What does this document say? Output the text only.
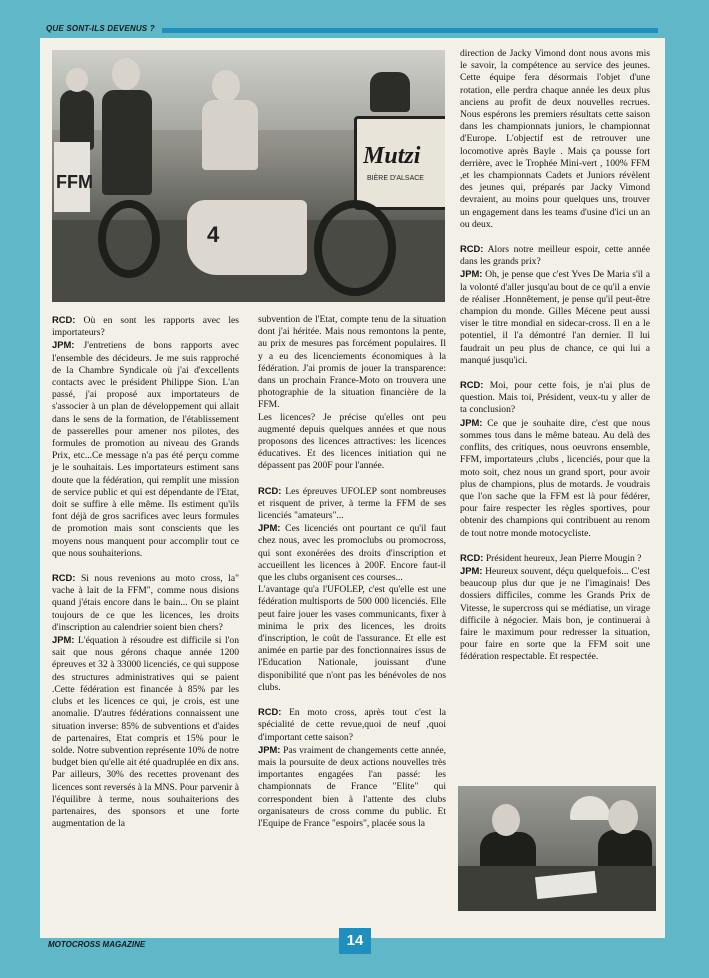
QUE SONT-ILS DEVENUS ?
FFM
Mutzi
BIÈRE D'ALSACE
4

RCD: Où en sont les rapports avec les importateurs?

JPM: J'entretiens de bons rapports avec l'ensemble des décideurs. Je me suis rapproché de la Chambre Syndicale où j'ai d'excellents contacts avec le président Philippe Sion. L'an passé, j'ai proposé aux importateurs de s'associer à un plan de développement qui allait dans le sens de la formation, de l'établissement de passerelles pour amener nos pilotes, des formules de promotion au niveau des Grands Prix, etc...Ce message n'a pas été perçu comme je le souhaitais. Les importateurs estiment sans doute que la fédération, qui remplit une mission de service public et qui est dépendante de l'Etat, doit se suffire à elle même. Ils estiment qu'ils font déjà de gros sacrifices avec leurs formules de promotion mais sont conscients que les moyens nous manquent pour accomplir tout ce que nous souhaiterions.

RCD: Si nous revenions au moto cross, la" vache à lait de la FFM", comme nous disions quand j'étais encore dans le bain... On se plaint toujours de ce que les licences, les droits d'inscription au calendrier soient bien chers?

JPM: L'équation à résoudre est difficile si l'on sait que nous gérons chaque année 1200 épreuves et 32 à 33000 licenciés, ce qui suppose des structures administratives qui se paient .Cette fédération est financée à 85% par les clubs et les licences ce qui, je crois, est une anomalie. D'autres fédérations connaissent une situation inverse: 85% de subventions et d'aides de partenaires, Etat compris et 15% pour le solde. Notre subvention représente 10% de notre budget bien qu'elle ait été quadruplée en dix ans. Par ailleurs, 30% des recettes provenant des licences sont reversés à la MNS. Pour parvenir à l'équilibre à terme, nous souhaiterions des partenaires, des sponsors et une forte augmentation de la

subvention de l'Etat, compte tenu de la situation dont j'ai héritée. Mais nous remontons la pente, au prix de mesures pas forcément populaires. Il y a eu des licenciements économiques à la fédération. J'ai promis de jouer la transparence: dans un prochain France-Moto on trouvera une photographie de la situation financière de la FFM.
Les licences? Je précise qu'elles ont peu augmenté depuis quelques années et que nous proposons des licences attractives: les licences éducatives. Et des licences initiation qui ne dépassent pas 200F pour l'année.

RCD: Les épreuves UFOLEP sont nombreuses et risquent de priver, à terme la FFM de ses licenciés "amateurs"...

JPM: Ces licenciés ont pourtant ce qu'il faut chez nous, avec les promoclubs ou promocross, qui sont exonérées des droits d'inscription et accueillent les licences à 200F. Encore faut-il que les clubs organisent ces courses...
L'avantage qu'a l'UFOLEP, c'est qu'elle est une fédération multisports de 500 000 licenciés. Elle peut faire jouer les vases communicants, fixer à minima le prix des licences, les droits d'inscription, le coût de l'assurance. Et elle est animée en partie par des fonctionnaires issus de l'Education Nationale, jouissant d'une disponibilité que n'ont pas les bénévoles de nos clubs.

RCD: En moto cross, après tout c'est la spécialité de cette revue,quoi de neuf ,quoi d'important cette saison?

JPM: Pas vraiment de changements cette année, mais la poursuite de deux actions nouvelles très importantes engagées l'an passé: les championnats de France "Elite" qui correspondent bien à l'attente des clubs organisateurs de cross comme du public. Et l'Equipe de France "espoirs", placée sous la

direction de Jacky Vimond dont nous avons mis le savoir, la compétence au service des jeunes. Cette équipe fera désormais l'objet d'une rotation, elle perdra chaque année les deux plus anciens au profit de deux nouvelles recrues. Nous espérons les premiers résultats cette saison dans les championnats juniors, le championnat d'Europe. L'objectif est de retrouver une locomotive après Bayle . Mais ça pousse fort derrière, avec le Trophée Mini-vert , 100% FFM ,et les championnats Cadets et Juniors révèlent des jeunes qui, préparés par Jacky Vimond devraient, au moins pour quelques uns, trouver un engagement dans les teams d'usine d'ici un an ou deux.

RCD: Alors notre meilleur espoir, cette année dans les grands prix?

JPM: Oh, je pense que c'est Yves De Maria s'il a la volonté d'aller jusqu'au bout de ce qu'il a envie de réaliser .Honnêtement, je pense qu'il peut-être champion du monde. Gilles Mécene peut aussi viser le titre mondial en sidecar-cross. Il en a le potentiel, il l'a démontré l'an dernier. Il lui faudrait un peu plus de chance, ce qui lui a manqué jusqu'ici.

RCD: Moi, pour cette fois, je n'ai plus de question. Mais toi, Président, veux-tu y aller de ta conclusion?

JPM: Ce que je souhaite dire, c'est que nous sommes tous dans le même bateau. Au delà des conflits, des critiques, nous oeuvrons ensemble, FFM, importateurs ,clubs , licenciés, pour que la moto soit, chez nous un grand sport, pour avoir plus de champions, plus de motards. Je voudrais que l'on sache que la FFM est là pour fédérer, pour faire respecter les règles sportives, pour obtenir des champions qui contribuent au renom de tout notre monde motocycliste.

RCD: Président heureux, Jean Pierre Mougin ?

JPM: Heureux souvent, déçu quelquefois... C'est beaucoup plus dur que je ne l'imaginais! Des dossiers difficiles, comme les Grands Prix de Vitesse, le supercross qui se médiatise, un virage difficile à négocier. Mais bon, je continuerai à faire le maximum pour redresser la situation, pour faire en sorte que la FFM soit une fédération respectable. Et respectée.

MOTOCROSS MAGAZINE	14
